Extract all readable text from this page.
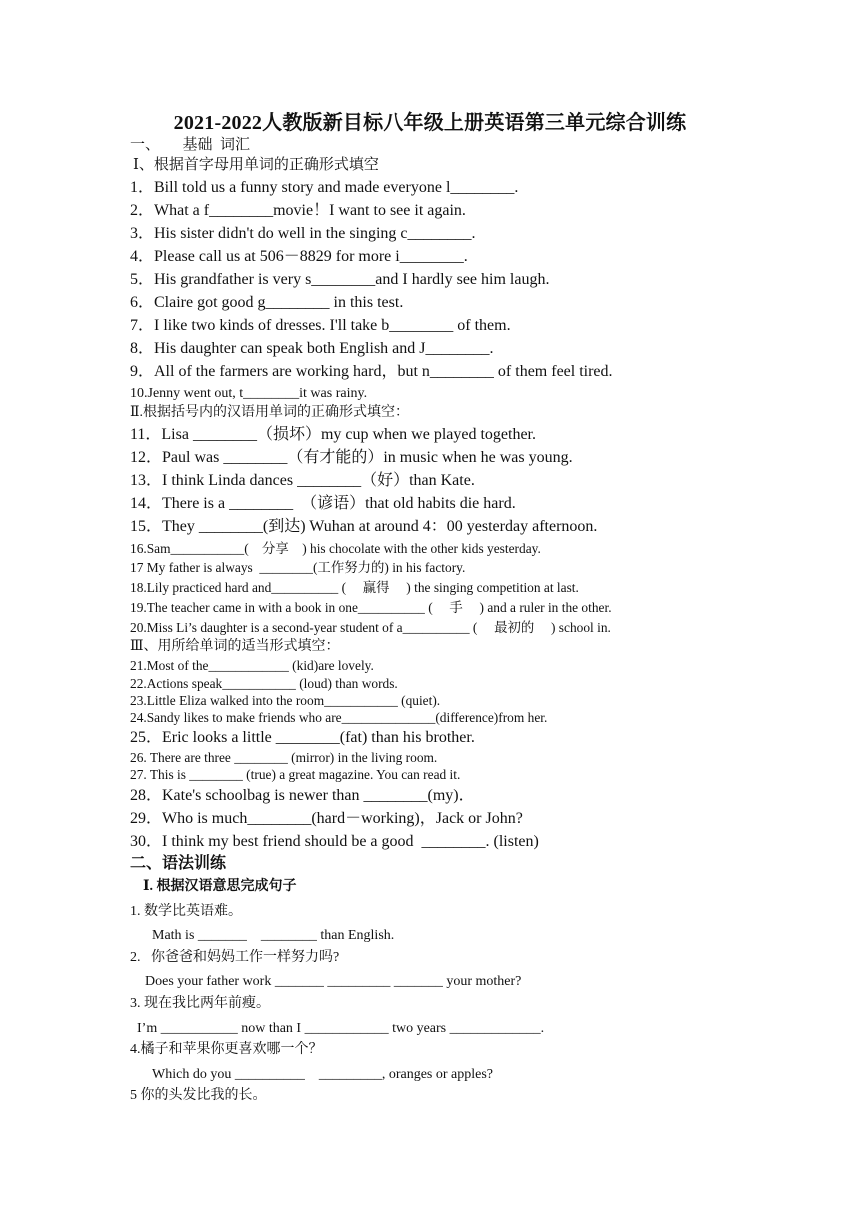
2021-2022人教版新目标八年级上册英语第三单元综合训练
一、      基础  词汇
Ⅰ、根据首字母用单词的正确形式填空
1．Bill told us a funny story and made everyone l________.
2．What a f________movie！I want to see it again.
3．His sister didn't do well in the singing c________.
4．Please call us at 506－8829 for more i________.
5．His grandfather is very s________and I hardly see him laugh.
6．Claire got good g________ in this test.
7．I like two kinds of dresses. I'll take b________ of them.
8．His daughter can speak both English and J________.
9．All of the farmers are working hard，but n________ of them feel tired.
10.Jenny went out, t________it was rainy.
Ⅱ.根据括号内的汉语用单词的正确形式填空：
11．Lisa ________（损坏）my cup when we played together.
12．Paul was ________（有才能的）in music when he was young.
13．I think Linda dances ________（好）than Kate.
14．There is a ________  （谚语）that old habits die hard.
15．They ________(到达) Wuhan at around 4：00 yesterday afternoon.
16.Sam___________(    分享    ) his chocolate with the other kids yesterday.
17 My father is always  ________(工作努力的) in his factory.
18.Lily practiced hard and__________ (     赢得     ) the singing competition at last.
19.The teacher came in with a book in one__________ (     手     ) and a ruler in the other.
20.Miss Li’s daughter is a second-year student of a__________ (     最初的     ) school in.
Ⅲ、用所给单词的适当形式填空：
21.Most of the____________ (kid)are lovely.
22.Actions speak___________ (loud) than words.
23.Little Eliza walked into the room___________ (quiet).
24.Sandy likes to make friends who are______________(difference)from her.
25．Eric looks a little ________(fat) than his brother.
26. There are three ________ (mirror) in the living room.
27. This is ________ (true) a great magazine. You can read it.
28．Kate's schoolbag is newer than ________(my)．
29．Who is much________(hard－working)，Jack or John?
30．I think my best friend should be a good  ________. (listen)
二、语法训练
Ⅰ. 根据汉语意思完成句子
1. 数学比英语难。
Math is _______    ________ than English.
2.   你爸爸和妈妈工作一样努力吗?
Does your father work _______ _________ _______ your mother?
3. 现在我比两年前瘦。
I’m ___________ now than I ____________ two years _____________.
4.橘子和苹果你更喜欢哪一个？
Which do you __________    _________, oranges or apples?
5 你的头发比我的长。
